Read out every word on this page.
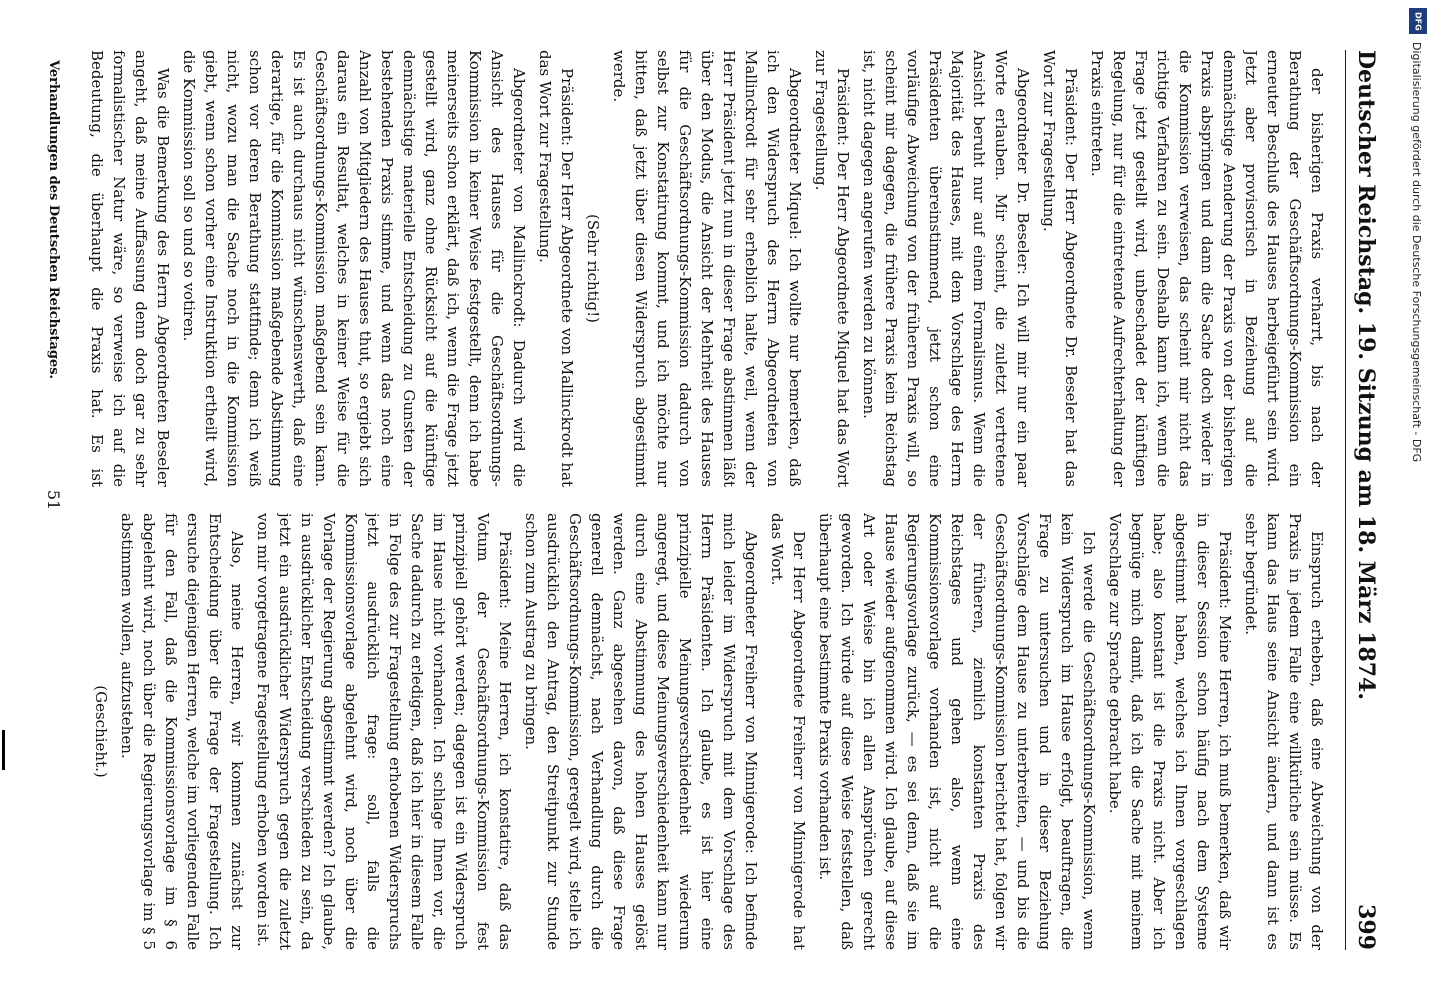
Deutscher Reichstag. 19. Sitzung am 18. März 1874.
399

der bisherigen Praxis verharrt, bis nach der Berathung der Geschäftsordnungs-Kommission ein erneuter Beschluß des Hauses herbeigeführt sein wird. Jetzt aber provisorisch in Beziehung auf die demnächstige Aenderung der Praxis von der bisherigen Praxis abspringen und dann die Sache doch wieder in die Kommission verweisen, das scheint mir nicht das richtige Verfahren zu sein. Deshalb kann ich, wenn die Frage jetzt gestellt wird, unbeschadet der künftigen Regelung, nur für die eintretende Aufrechterhaltung der Praxis eintreten.

Präsident: Der Herr Abgeordnete Dr. Beseler hat das Wort zur Fragestellung.

Abgeordneter Dr. Beseler: Ich will mir nur ein paar Worte erlauben. Mir scheint, die zuletzt vertretene Ansicht beruht nur auf einem Formalismus. Wenn die Majorität des Hauses, mit dem Vorschlage des Herrn Präsidenten übereinstimmend, jetzt schon eine vorläufige Abweichung von der früheren Praxis will, so scheint mir dagegen, die frühere Praxis kein Reichstag ist, nicht dagegen angerufen werden zu können.

Präsident: Der Herr Abgeordnete Miquel hat das Wort zur Fragestellung.

Abgeordneter Miquel: Ich wollte nur bemerken, daß ich den Widerspruch des Herrn Abgeordneten von Mallinckrodt für sehr erheblich halte, weil, wenn der Herr Präsident jetzt nun in dieser Frage abstimmen läßt über den Modus, die Ansicht der Mehrheit des Hauses für die Geschäftsordnungs-Kommission dadurch von selbst zur Konstatirung kommt, und ich möchte nur bitten, daß jetzt über diesen Widerspruch abgestimmt werde.

(Sehr richtig!)

Präsident: Der Herr Abgeordnete von Mallinckrodt hat das Wort zur Fragestellung.

Abgeordneter von Mallinckrodt: Dadurch wird die Ansicht des Hauses für die Geschäftsordnungs-Kommission in keiner Weise festgestellt, denn ich habe meinerseits schon erklärt, daß ich, wenn die Frage jetzt gestellt wird, ganz ohne Rücksicht auf die künftige demnächstige materielle Entscheidung zu Gunsten der bestehenden Praxis stimme, und wenn das noch eine Anzahl von Mitgliedern des Hauses thut, so ergiebt sich daraus ein Resultat, welches in keiner Weise für die Geschäftsordnungs-Kommission maßgebend sein kann. Es ist auch durchaus nicht wünschenswerth, daß eine derartige, für die Kommission maßgebende Abstimmung schon vor deren Berathung stattfinde; denn ich weiß nicht, wozu man die Sache noch in die Kommission giebt, wenn schon vorher eine Instruktion ertheilt wird, die Kommission soll so und so votiren.

Was die Bemerkung des Herrn Abgeordneten Beseler angeht, daß meine Auffassung denn doch gar zu sehr formalistischer Natur wäre, so verweise ich auf die Bedeutung, die überhaupt die Praxis hat. Es ist

Einspruch erheben, daß eine Abweichung von der Praxis in jedem Falle eine willkürliche sein müsse. Es kann das Haus seine Ansicht ändern, und dann ist es sehr begründet.

Präsident: Meine Herren, ich muß bemerken, daß wir in dieser Session schon häufig nach dem Systeme abgestimmt haben, welches ich Ihnen vorgeschlagen habe; also konstant ist die Praxis nicht. Aber ich begnüge mich damit, daß ich die Sache mit meinem Vorschlage zur Sprache gebracht habe.

Ich werde die Geschäftsordnungs-Kommission, wenn kein Widerspruch im Hause erfolgt, beauftragen, die Frage zu untersuchen und in dieser Beziehung Vorschläge dem Hause zu unterbreiten, — und bis die Geschäftsordnungs-Kommission berichtet hat, folgen wir der früheren, ziemlich konstanten Praxis des Reichstages und gehen also, wenn eine Kommissionsvorlage vorhanden ist, nicht auf die Regierungsvorlage zurück, — es sei denn, daß sie im Hause wieder aufgenommen wird. Ich glaube, auf diese Art oder Weise bin ich allen Ansprüchen gerecht geworden. Ich würde auf diese Weise feststellen, daß überhaupt eine bestimmte Praxis vorhanden ist.

Der Herr Abgeordnete Freiherr von Minnigerode hat das Wort.

Abgeordneter Freiherr von Minnigerode: Ich befinde mich leider im Widerspruch mit dem Vorschlage des Herrn Präsidenten. Ich glaube, es ist hier eine prinzipielle Meinungsverschiedenheit wiederum angeregt, und diese Meinungsverschiedenheit kann nur durch eine Abstimmung des hohen Hauses gelöst werden. Ganz abgesehen davon, daß diese Frage generell demnächst, nach Verhandlung durch die Geschäftsordnungs-Kommission, geregelt wird, stelle ich ausdrücklich den Antrag, den Streitpunkt zur Stunde schon zum Austrag zu bringen.

Präsident: Meine Herren, ich konstatire, daß das Votum der Geschäftsordnungs-Kommission fest prinzipiell gehört werden; dagegen ist ein Widerspruch im Hause nicht vorhanden. Ich schlage Ihnen vor, die Sache dadurch zu erledigen, daß ich hier in diesem Falle in Folge des zur Fragestellung erhobenen Widerspruchs jetzt ausdrücklich frage: soll, falls die Kommissionsvorlage abgelehnt wird, noch über die Vorlage der Regierung abgestimmt werden? Ich glaube, in ausdrücklicher Entscheidung verschieden zu sein, da jetzt ein ausdrücklicher Widerspruch gegen die zuletzt von mir vorgetragene Fragestellung erhoben worden ist.

Also, meine Herren, wir kommen zunächst zur Entscheidung über die Frage der Fragestellung. Ich ersuche diejenigen Herren, welche im vorliegenden Falle für den Fall, daß die Kommissionsvorlage im § 6 abgelehnt wird, noch über die Regierungsvorlage im § 5 abstimmen wollen, aufzustehen.

(Geschieht.)

Verhandlungen des Deutschen Reichstages.
51
DFG
Digitalisierung gefördert durch die Deutsche Forschungsgemeinschaft - DFG
